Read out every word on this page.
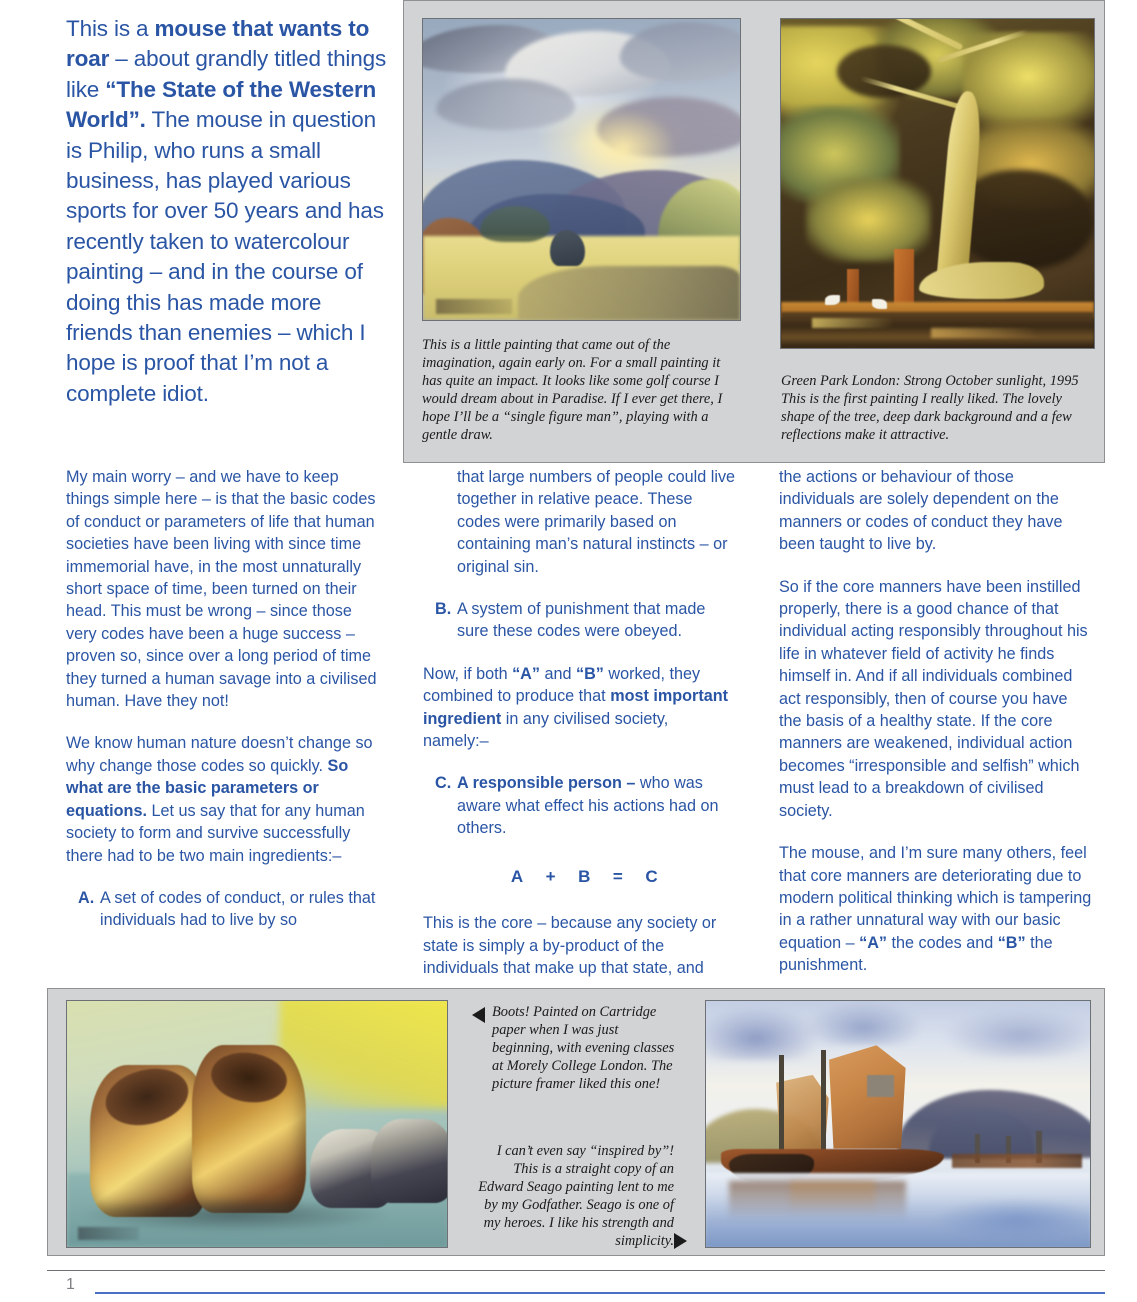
This is a mouse that wants to roar – about grandly titled things like “The State of the Western World”. The mouse in question is Philip, who runs a small business, has played various sports for over 50 years and has recently taken to watercolour painting – and in the course of doing this has made more friends than enemies – which I hope is proof that I’m not a complete idiot.
This is a little painting that came out of the imagination, again early on. For a small painting it has quite an impact. It looks like some golf course I would dream about in Paradise. If I ever get there, I hope I’ll be a “single figure man”, playing with a gentle draw.
Green Park London: Strong October sunlight, 1995 This is the first painting I really liked. The lovely shape of the tree, deep dark background and a few reflections make it attractive.

My main worry – and we have to keep things simple here – is that the basic codes of conduct or parameters of life that human societies have been living with since time immemorial have, in the most unnaturally short space of time, been turned on their head. This must be wrong – since those very codes have been a huge success – proven so, since over a long period of time they turned a human savage into a civilised human. Have they not!

We know human nature doesn’t change so why change those codes so quickly. So what are the basic parameters or equations. Let us say that for any human society to form and survive successfully there had to be two main ingredients:–

A. A set of codes of conduct, or rules that individuals had to live by so
that large numbers of people could live together in relative peace. These codes were primarily based on containing man’s natural instincts – or original sin.
B. A system of punishment that made sure these codes were obeyed.

Now, if both “A” and “B” worked, they combined to produce that most important ingredient in any civilised society, namely:–

C. A responsible person – who was aware what effect his actions had on others.
A + B = C

This is the core – because any society or state is simply a by-product of the individuals that make up that state, and

the actions or behaviour of those individuals are solely dependent on the manners or codes of conduct they have been taught to live by.

So if the core manners have been instilled properly, there is a good chance of that individual acting responsibly throughout his life in whatever field of activity he finds himself in. And if all individuals combined act responsibly, then of course you have the basis of a healthy state. If the core manners are weakened, individual action becomes “irresponsible and selfish” which must lead to a breakdown of civilised society.

The mouse, and I’m sure many others, feel that core manners are deteriorating due to modern political thinking which is tampering in a rather unnatural way with our basic equation – “A” the codes and “B” the punishment.

Boots! Painted on Cartridge paper when I was just beginning, with evening classes at Morely College London. The picture framer liked this one!
I can’t even say “inspired by”! This is a straight copy of an Edward Seago painting lent to me by my Godfather. Seago is one of my heroes. I like his strength and simplicity.
1
